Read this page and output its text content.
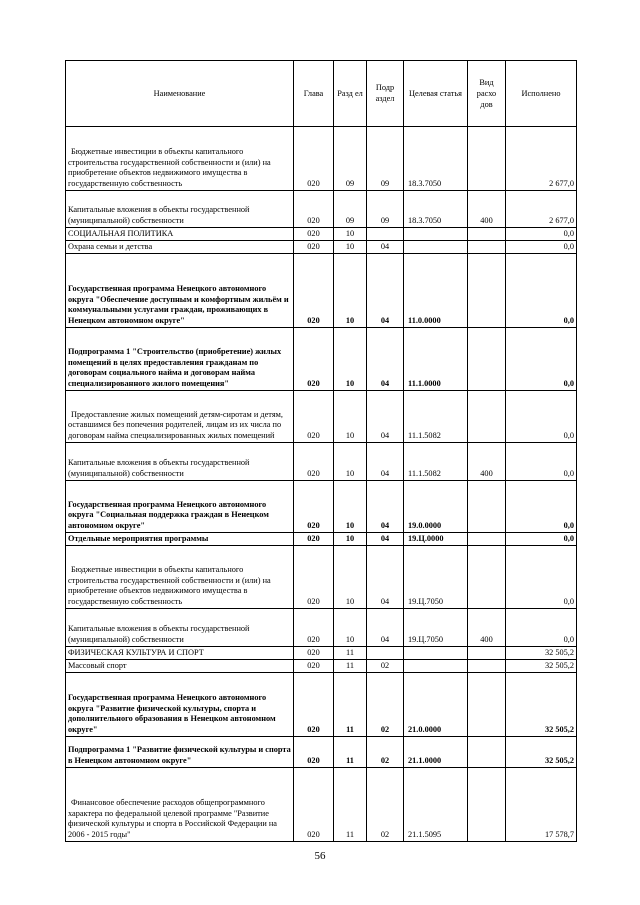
Наименование	Глава	Разд ел	Подр аздел	Целевая статья	Вид расхо дов	Исполнено
Бюджетные инвестиции в объекты капитального строительства государственной собственности и (или) на приобретение объектов недвижимого имущества в государственную собственность	020	09	09	18.3.7050		2 677,0
Капитальные вложения в объекты государственной (муниципальной) собственности	020	09	09	18.3.7050	400	2 677,0
СОЦИАЛЬНАЯ ПОЛИТИКА	020	10				0,0
Охрана семьи и детства	020	10	04			0,0
Государственная программа Ненецкого автономного округа "Обеспечение доступным и комфортным жильём и коммунальными услугами граждан, проживающих в Ненецком автономном округе"	020	10	04	11.0.0000		0,0
Подпрограмма 1 "Строительство (приобретение) жилых помещений в целях предоставления гражданам по договорам социального найма и договорам найма специализированного жилого помещения"	020	10	04	11.1.0000		0,0
Предоставление жилых помещений детям-сиротам и детям, оставшимся без попечения родителей, лицам из их числа по договорам найма специализированных жилых помещений	020	10	04	11.1.5082		0,0
Капитальные вложения в объекты государственной (муниципальной) собственности	020	10	04	11.1.5082	400	0,0
Государственная программа Ненецкого автономного округа "Социальная поддержка граждан в Ненецком автономном округе"	020	10	04	19.0.0000		0,0
Отдельные мероприятия программы	020	10	04	19.Ц.0000		0,0
Бюджетные инвестиции в объекты капитального строительства государственной собственности и (или) на приобретение объектов недвижимого имущества в государственную собственность	020	10	04	19.Ц.7050		0,0
Капитальные вложения в объекты государственной (муниципальной) собственности	020	10	04	19.Ц.7050	400	0,0
ФИЗИЧЕСКАЯ КУЛЬТУРА И СПОРТ	020	11				32 505,2
Массовый спорт	020	11	02			32 505,2
Государственная программа Ненецкого автономного округа "Развитие физической культуры, спорта и дополнительного образования в Ненецком автономном округе"	020	11	02	21.0.0000		32 505,2
Подпрограмма 1 "Развитие физической культуры и спорта в Ненецком автономном округе"	020	11	02	21.1.0000		32 505,2
Финансовое обеспечение расходов общепрограммного характера по федеральной целевой программе "Развитие физической культуры и спорта в Российской Федерации на 2006 - 2015 годы"	020	11	02	21.1.5095		17 578,7
56
